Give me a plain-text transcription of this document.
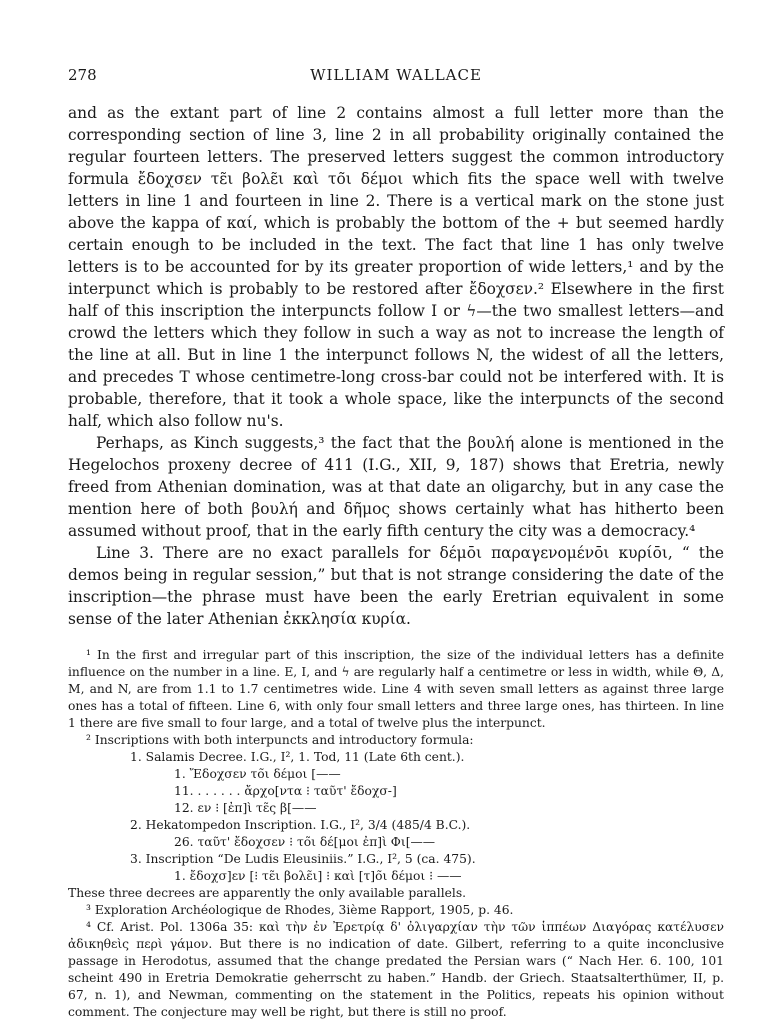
278	WILLIAM WALLACE

and as the extant part of line 2 contains almost a full letter more than the corresponding section of line 3, line 2 in all probability originally contained the regular fourteen letters. The preserved letters suggest the common introductory formula ἔδοχσεν τε̃ι βολε̃ι καὶ το̃ι δέμοι which fits the space well with twelve letters in line 1 and fourteen in line 2. There is a vertical mark on the stone just above the kappa of καί, which is probably the bottom of the + but seemed hardly certain enough to be included in the text. The fact that line 1 has only twelve letters is to be accounted for by its greater proportion of wide letters,¹ and by the interpunct which is probably to be restored after ἔδοχσεν.² Elsewhere in the first half of this inscription the interpuncts follow I or ϟ—the two smallest letters—and crowd the letters which they follow in such a way as not to increase the length of the line at all. But in line 1 the interpunct follows N, the widest of all the letters, and precedes T whose centimetre-long cross-bar could not be interfered with. It is probable, therefore, that it took a whole space, like the interpuncts of the second half, which also follow nu's.

Perhaps, as Kinch suggests,³ the fact that the βουλή alone is mentioned in the Hegelochos proxeny decree of 411 (I.G., XII, 9, 187) shows that Eretria, newly freed from Athenian domination, was at that date an oligarchy, but in any case the mention here of both βουλή and δη̃μος shows certainly what has hitherto been assumed without proof, that in the early fifth century the city was a democracy.⁴

Line 3. There are no exact parallels for δέμōι παραγενομένōι κυρίōι, “ the demos being in regular session,” but that is not strange considering the date of the inscription—the phrase must have been the early Eretrian equivalent in some sense of the later Athenian ἐκκλησία κυρία.

¹ In the first and irregular part of this inscription, the size of the individual letters has a definite influence on the number in a line. E, I, and ϟ are regularly half a centimetre or less in width, while Θ, Δ, M, and N, are from 1.1 to 1.7 centimetres wide. Line 4 with seven small letters as against three large ones has a total of fifteen. Line 6, with only four small letters and three large ones, has thirteen. In line 1 there are five small to four large, and a total of twelve plus the interpunct.

² Inscriptions with both interpuncts and introductory formula:

1. Salamis Decree. I.G., I², 1. Tod, 11 (Late 6th cent.).

1. Ἔδοχσεν το̃ι δέμοι [——

11. . . . . . . ἄρχο[ντα ⁝ ταῦτ' ἔδοχσ-]

12. εν ⁝ [ἐπ]ὶ τε̃ς β[——

2. Hekatompedon Inscription. I.G., I², 3/4 (485/4 B.C.).

26. ταῦτ' ἔδοχσεν ⁝ το̃ι δέ[μοι ἐπ]ὶ Φι[——

3. Inscription “De Ludis Eleusiniis.” I.G., I², 5 (ca. 475).

1. ἔδοχσ]εν [⁝ τε̃ι βολε̃ι] ⁝ καὶ [τ]ο̃ι δέμοι ⁝ ——

These three decrees are apparently the only available parallels.

³ Exploration Archéologique de Rhodes, 3ième Rapport, 1905, p. 46.

⁴ Cf. Arist. Pol. 1306a 35: καὶ τὴν ἐν Ἐρετρίᾳ δ' ὀλιγαρχίαν τὴν τῶν ἱππέων Διαγόρας κατέλυσεν ἀδικηθεὶς περὶ γάμον. But there is no indication of date. Gilbert, referring to a quite inconclusive passage in Herodotus, assumed that the change predated the Persian wars (“ Nach Her. 6. 100, 101 scheint 490 in Eretria Demokratie geherrscht zu haben.” Handb. der Griech. Staatsalterthümer, II, p. 67, n. 1), and Newman, commenting on the statement in the Politics, repeats his opinion without comment. The conjecture may well be right, but there is still no proof.
